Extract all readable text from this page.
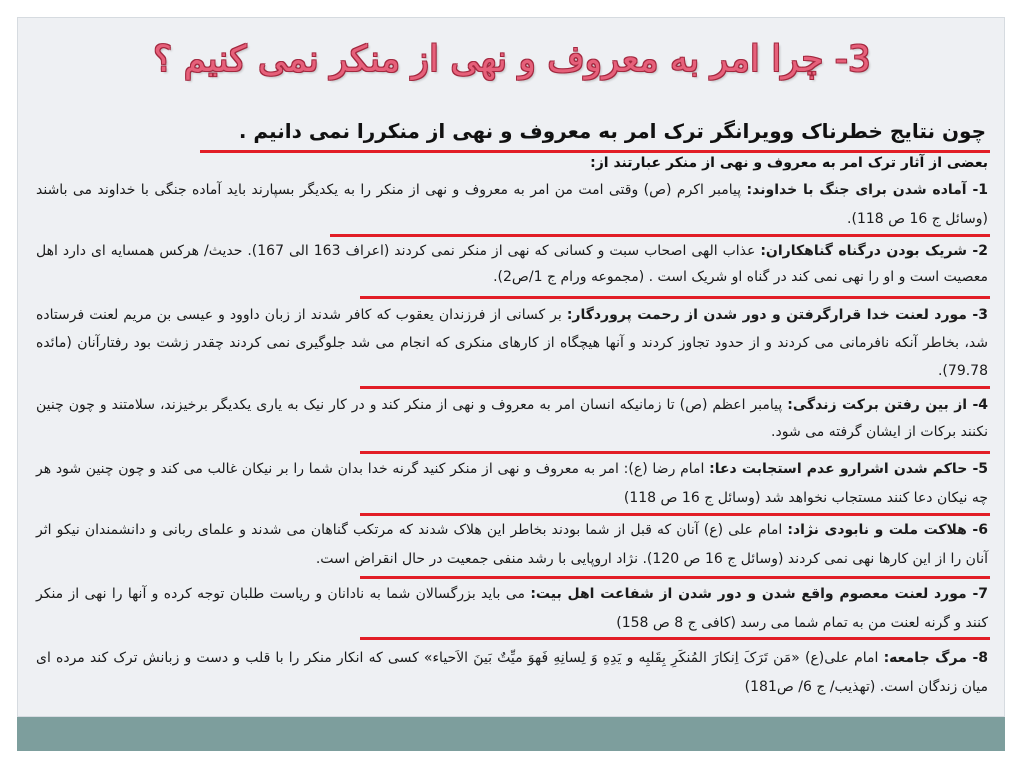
3- چرا امر به معروف و نهی از منکر نمی کنیم ؟
چون نتایج خطرناک وویرانگر ترک امر به معروف و نهی از منکررا نمی دانیم .
بعضی از آثار ترک امر به معروف و نهی از منکر عبارتند از:
1- آماده شدن برای جنگ با خداوند: پیامبر اکرم (ص) وقتی امت من امر به معروف و نهی از منکر را به یکدیگر بسپارند باید آماده جنگی با خداوند می باشند (وسائل ج 16 ص 118).
2- شریک بودن درگناه گناهکاران: عذاب الهی اصحاب سبت و کسانی که نهی از منکر نمی کردند (اعراف 163 الی 167). حدیث/ هرکس همسایه ای دارد اهل معصیت است و او را نهی نمی کند در گناه او شریک است . (مجموعه ورام ج 1/ص2).
3- مورد لعنت خدا قرارگرفتن و دور شدن از رحمت پروردگار: بر کسانی از فرزندان یعقوب که کافر شدند از زبان داوود و عیسی بن مریم لعنت فرستاده شد، بخاطر آنکه نافرمانی می کردند و از حدود تجاوز کردند و آنها هیچگاه از کارهای منکری که انجام می شد جلوگیری نمی کردند چقدر زشت بود رفتارآنان (مائده 79.78).
4- از بین رفتن برکت زندگی: پیامبر اعظم (ص) تا زمانیکه انسان امر به معروف و نهی از منکر کند و در کار نیک به یاری یکدیگر برخیزند، سلامتند و چون چنین نکنند برکات از ایشان گرفته می شود.
5- حاکم شدن اشرارو عدم استجابت دعا: امام رضا (ع): امر به معروف و نهی از منکر کنید گرنه خدا بدان شما را بر نیکان غالب می کند و چون چنین شود هر چه نیکان دعا کنند مستجاب نخواهد شد (وسائل ج 16 ص 118)
6- هلاکت ملت و نابودی نژاد: امام علی (ع) آنان که قبل از شما بودند بخاطر این هلاک شدند که مرتکب گناهان می شدند و علمای ربانی و دانشمندان نیکو اثر آنان را از این کارها نهی نمی کردند (وسائل ج 16 ص 120). نژاد اروپایی با رشد منفی جمعیت در حال انقراض است.
7- مورد لعنت معصوم واقع شدن و دور شدن از شفاعت اهل بیت: می باید بزرگسالان شما به نادانان و ریاست طلبان توجه کرده و آنها را نهی از منکر کنند و گرنه لعنت من به تمام شما می رسد (کافی ج 8 ص 158)
8- مرگ جامعه: امام علی(ع) «مَن تَرَکَ اِنکارَ المُنکَرِ بِقَلبِه و یَدِهِ وَ لِسانِهِ فَهوَ میِّتٌ بَینَ الاَحیاء» کسی که انکار منکر را با قلب و دست و زبانش ترک کند مرده ای میان زندگان است. (تهذیب/ ج 6/ ص181)
